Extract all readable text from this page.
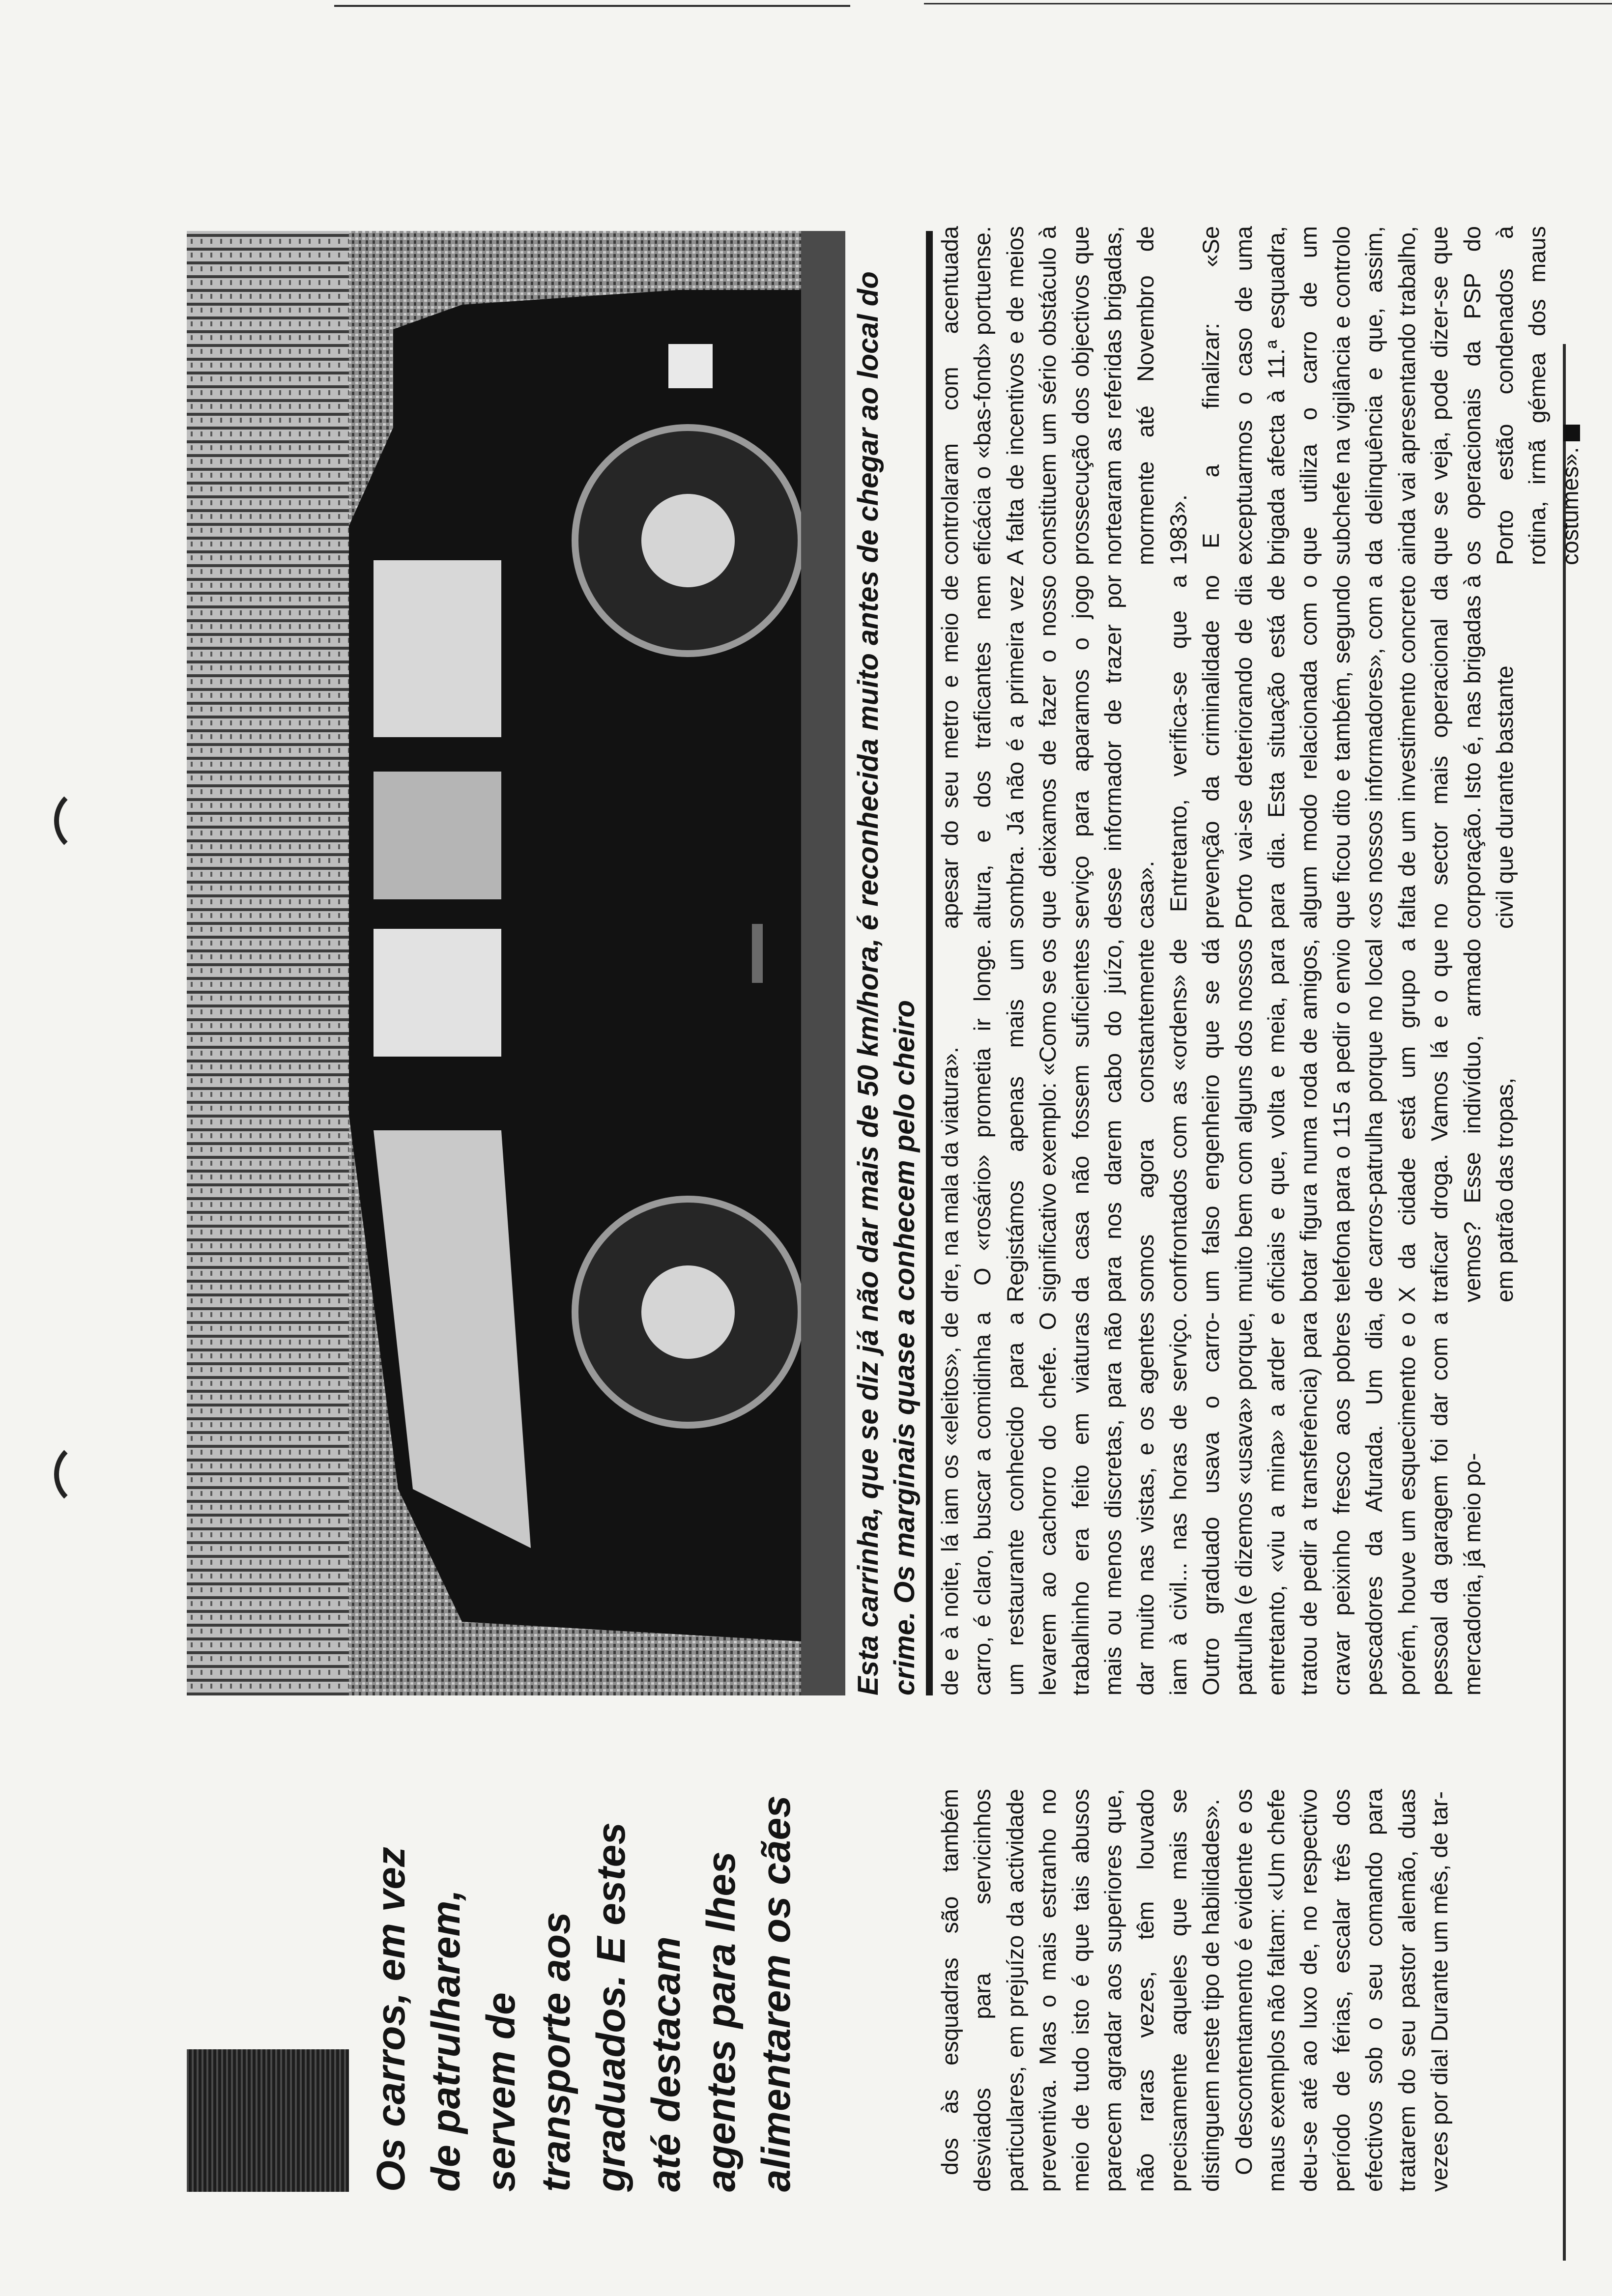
Os carros, em vez de patrulharem, servem de transporte aos graduados. E estes até destacam agentes para lhes alimentarem os cães

Esta carrinha, que se diz já não dar mais de 50 km/hora, é reconhecida muito antes de chegar ao local do crime. Os marginais quase a conhecem pelo cheiro

dos às esquadras são também desviados para servicinhos particulares, em prejuízo da actividade preventiva. Mas o mais estranho no meio de tudo isto é que tais abusos parecem agradar aos superiores que, não raras vezes, têm louvado precisamente aqueles que mais se distinguem neste tipo de habilidades». O descontentamento é evidente e os maus exemplos não faltam: «Um chefe deu-se até ao luxo de, no respectivo período de férias, escalar três dos efectivos sob o seu comando para tratarem do seu pastor alemão, duas vezes por dia! Durante um mês, de tar-

de e à noite, lá iam os «eleitos», de carro, é claro, buscar a comidinha a um restaurante conhecido para a levarem ao cachorro do chefe. O trabalhinho era feito em viaturas mais ou menos discretas, para não dar muito nas vistas, e os agentes iam à civil... nas horas de serviço. Outro graduado usava o carro-patrulha (e dizemos «usava» porque, entretanto, «viu a mina» a arder e tratou de pedir a transferência) para cravar peixinho fresco aos pobres pescadores da Afurada. Um dia, porém, houve um esquecimento e o pessoal da garagem foi dar com a mercadoria, já meio po-

dre, na mala da viatura». O «rosário» prometia ir longe. Registámos apenas mais um significativo exemplo: «Como se os da casa não fossem suficientes para nos darem cabo do juízo, somos agora constantemente confrontados com as «ordens» de um falso engenheiro que se dá muito bem com alguns dos nossos oficiais e que, volta e meia, para botar figura numa roda de amigos, telefona para o 115 a pedir o envio de carros-patrulha porque no local X da cidade está um grupo a traficar droga. Vamos lá e o que vemos? Esse indivíduo, armado em patrão das tropas,

apesar do seu metro e meio de altura, e dos traficantes nem sombra. Já não é a primeira vez que deixamos de fazer o nosso serviço para aparamos o jogo desse informador de trazer por casa». Entretanto, verifica-se que a prevenção da criminalidade no Porto vai-se deteriorando de dia para dia. Esta situação está de algum modo relacionada com o que ficou dito e também, segundo «os nossos informadores», com a falta de um investimento concreto no sector mais operacional da corporação. Isto é, nas brigadas à civil que durante bastante

controlaram com acentuada eficácia o «bas-fond» portuense. A falta de incentivos e de meios constituem um sério obstáculo à prossecução dos objectivos que nortearam as referidas brigadas, mormente até Novembro de 1983». E a finalizar: «Se exceptuarmos o caso de uma brigada afecta à 11.ª esquadra, que utiliza o carro de um subchefe na vigilância e controlo da delinquência e que, assim, ainda vai apresentando trabalho, que se veja, pode dizer-se que os operacionais da PSP do Porto estão condenados à rotina, irmã gémea dos maus costumes».
